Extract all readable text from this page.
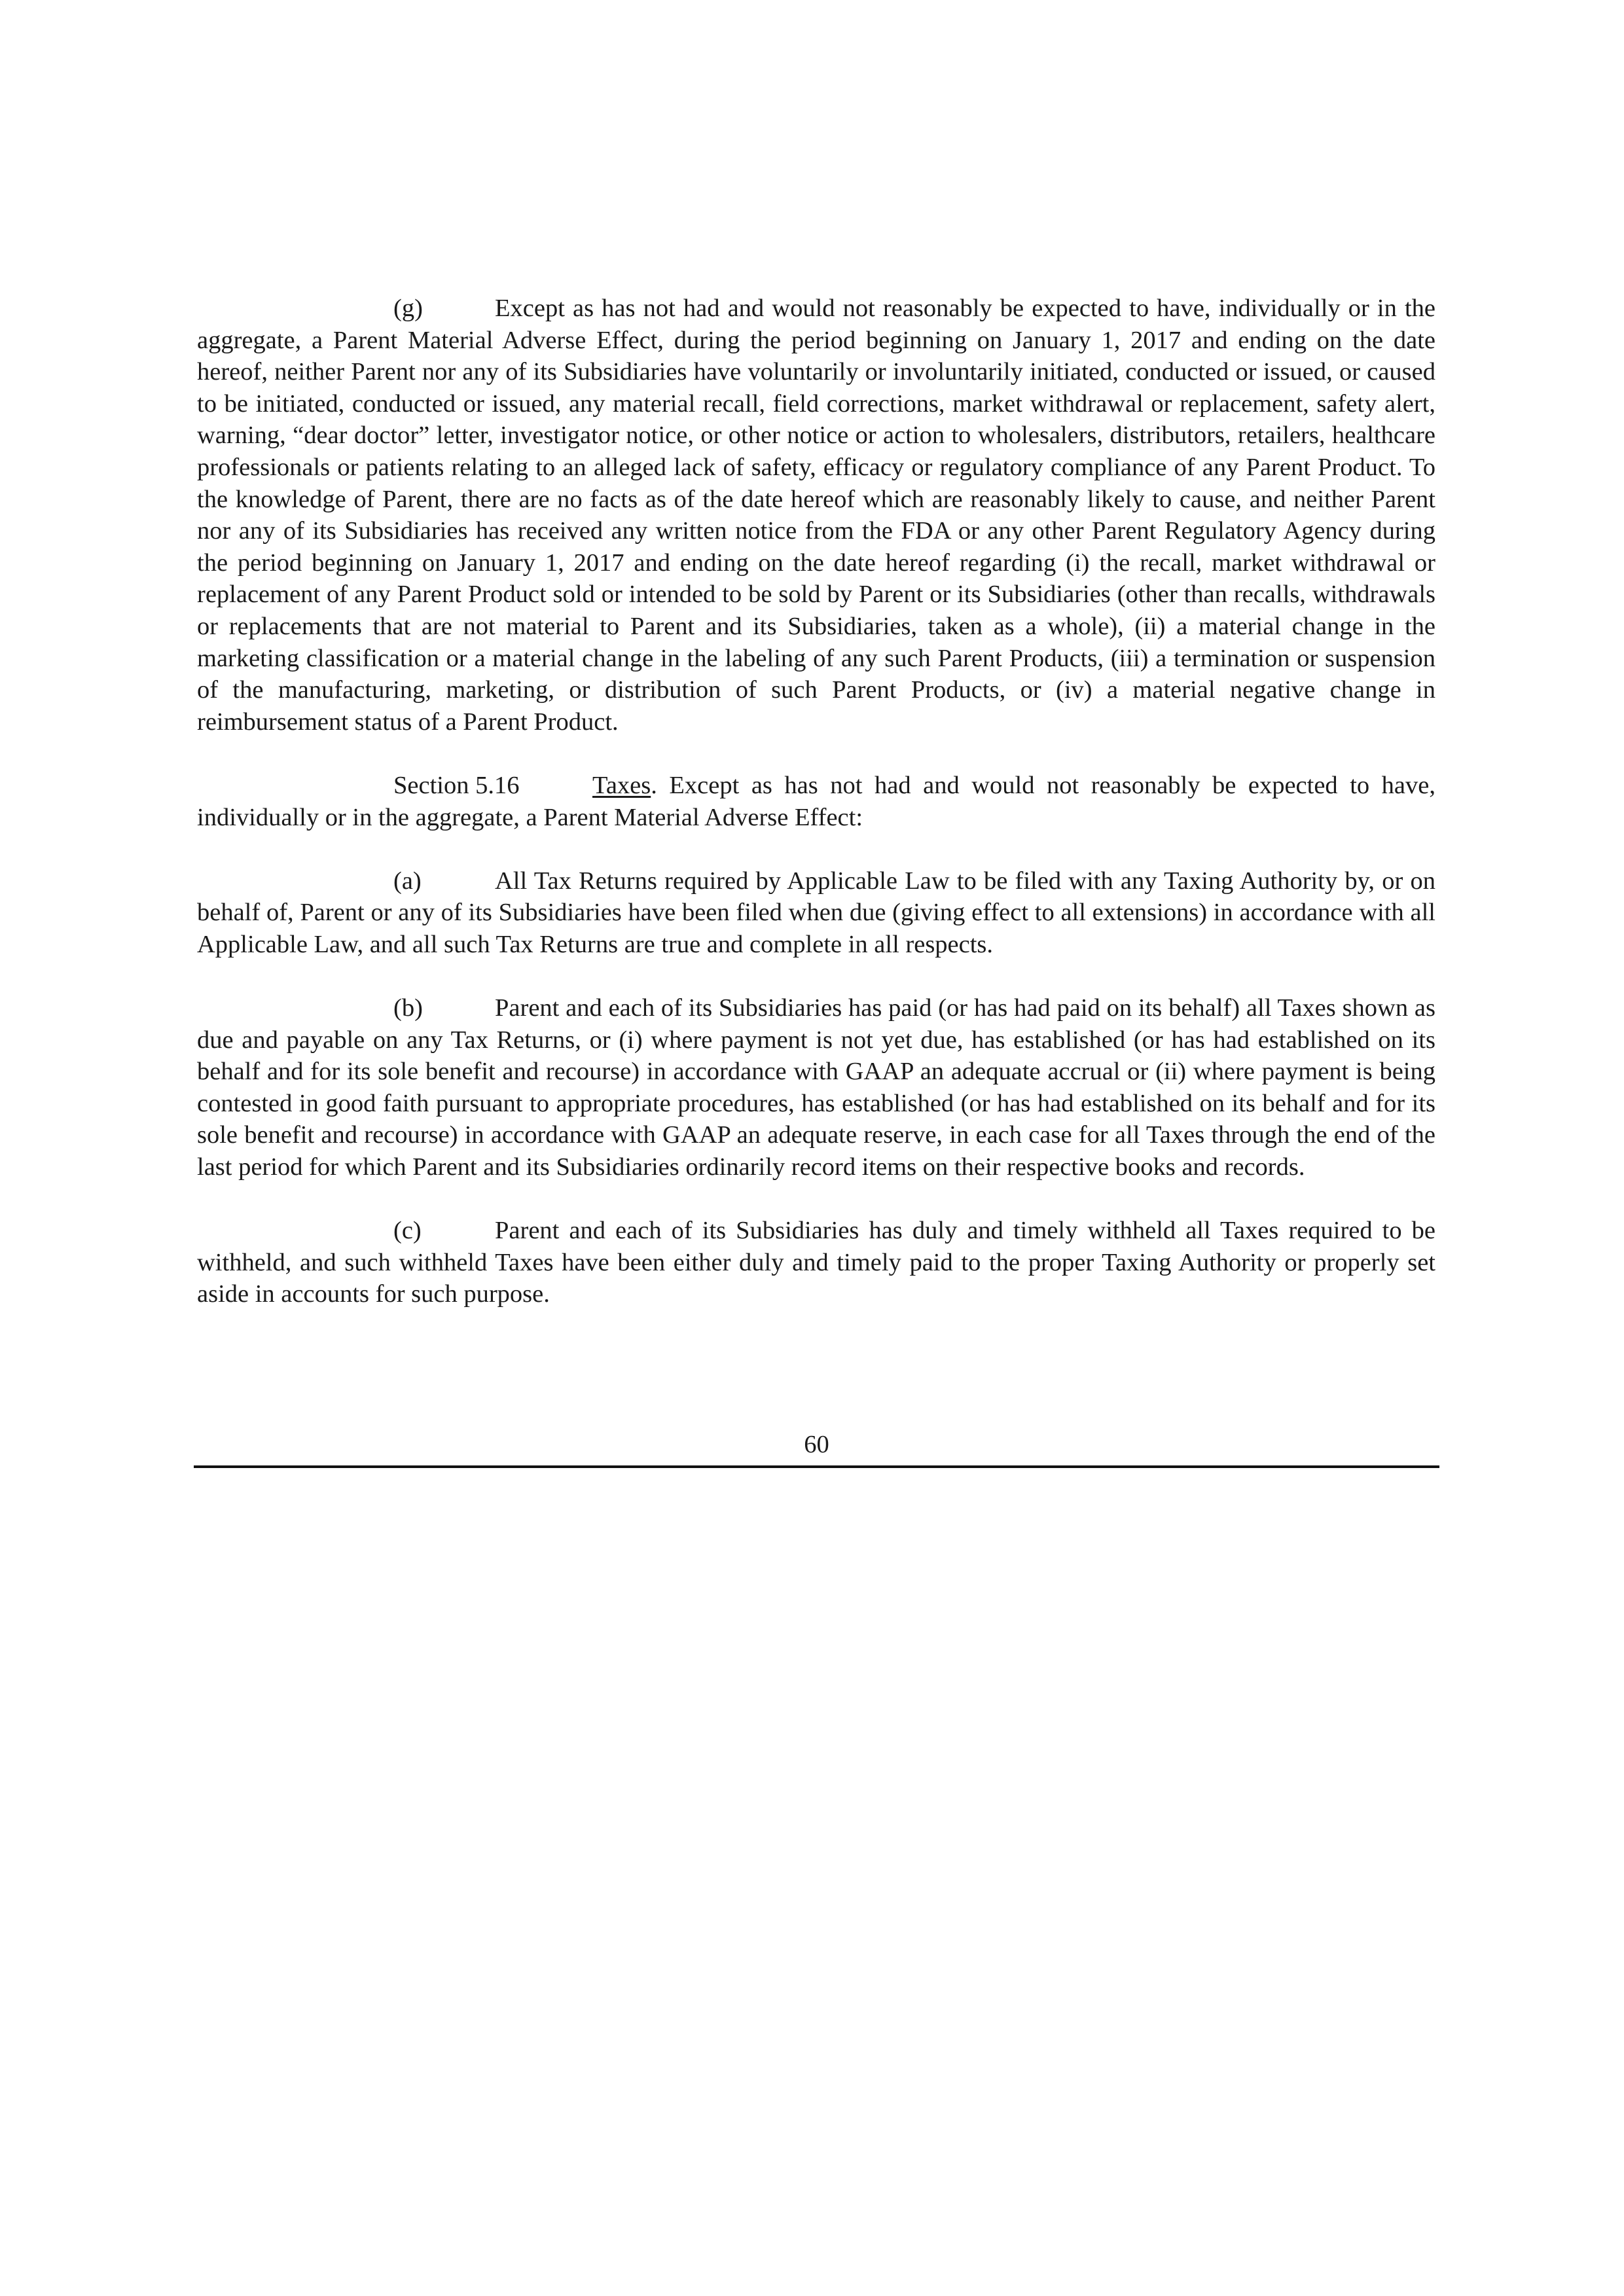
(g)	Except as has not had and would not reasonably be expected to have, individually or in the aggregate, a Parent Material Adverse Effect, during the period beginning on January 1, 2017 and ending on the date hereof, neither Parent nor any of its Subsidiaries have voluntarily or involuntarily initiated, conducted or issued, or caused to be initiated, conducted or issued, any material recall, field corrections, market withdrawal or replacement, safety alert, warning, “dear doctor” letter, investigator notice, or other notice or action to wholesalers, distributors, retailers, healthcare professionals or patients relating to an alleged lack of safety, efficacy or regulatory compliance of any Parent Product. To the knowledge of Parent, there are no facts as of the date hereof which are reasonably likely to cause, and neither Parent nor any of its Subsidiaries has received any written notice from the FDA or any other Parent Regulatory Agency during the period beginning on January 1, 2017 and ending on the date hereof regarding (i) the recall, market withdrawal or replacement of any Parent Product sold or intended to be sold by Parent or its Subsidiaries (other than recalls, withdrawals or replacements that are not material to Parent and its Subsidiaries, taken as a whole), (ii) a material change in the marketing classification or a material change in the labeling of any such Parent Products, (iii) a termination or suspension of the manufacturing, marketing, or distribution of such Parent Products, or (iv) a material negative change in reimbursement status of a Parent Product.

Section 5.16	Taxes. Except as has not had and would not reasonably be expected to have, individually or in the aggregate, a Parent Material Adverse Effect:

(a)	All Tax Returns required by Applicable Law to be filed with any Taxing Authority by, or on behalf of, Parent or any of its Subsidiaries have been filed when due (giving effect to all extensions) in accordance with all Applicable Law, and all such Tax Returns are true and complete in all respects.

(b)	Parent and each of its Subsidiaries has paid (or has had paid on its behalf) all Taxes shown as due and payable on any Tax Returns, or (i) where payment is not yet due, has established (or has had established on its behalf and for its sole benefit and recourse) in accordance with GAAP an adequate accrual or (ii) where payment is being contested in good faith pursuant to appropriate procedures, has established (or has had established on its behalf and for its sole benefit and recourse) in accordance with GAAP an adequate reserve, in each case for all Taxes through the end of the last period for which Parent and its Subsidiaries ordinarily record items on their respective books and records.

(c)	Parent and each of its Subsidiaries has duly and timely withheld all Taxes required to be withheld, and such withheld Taxes have been either duly and timely paid to the proper Taxing Authority or properly set aside in accounts for such purpose.

60
